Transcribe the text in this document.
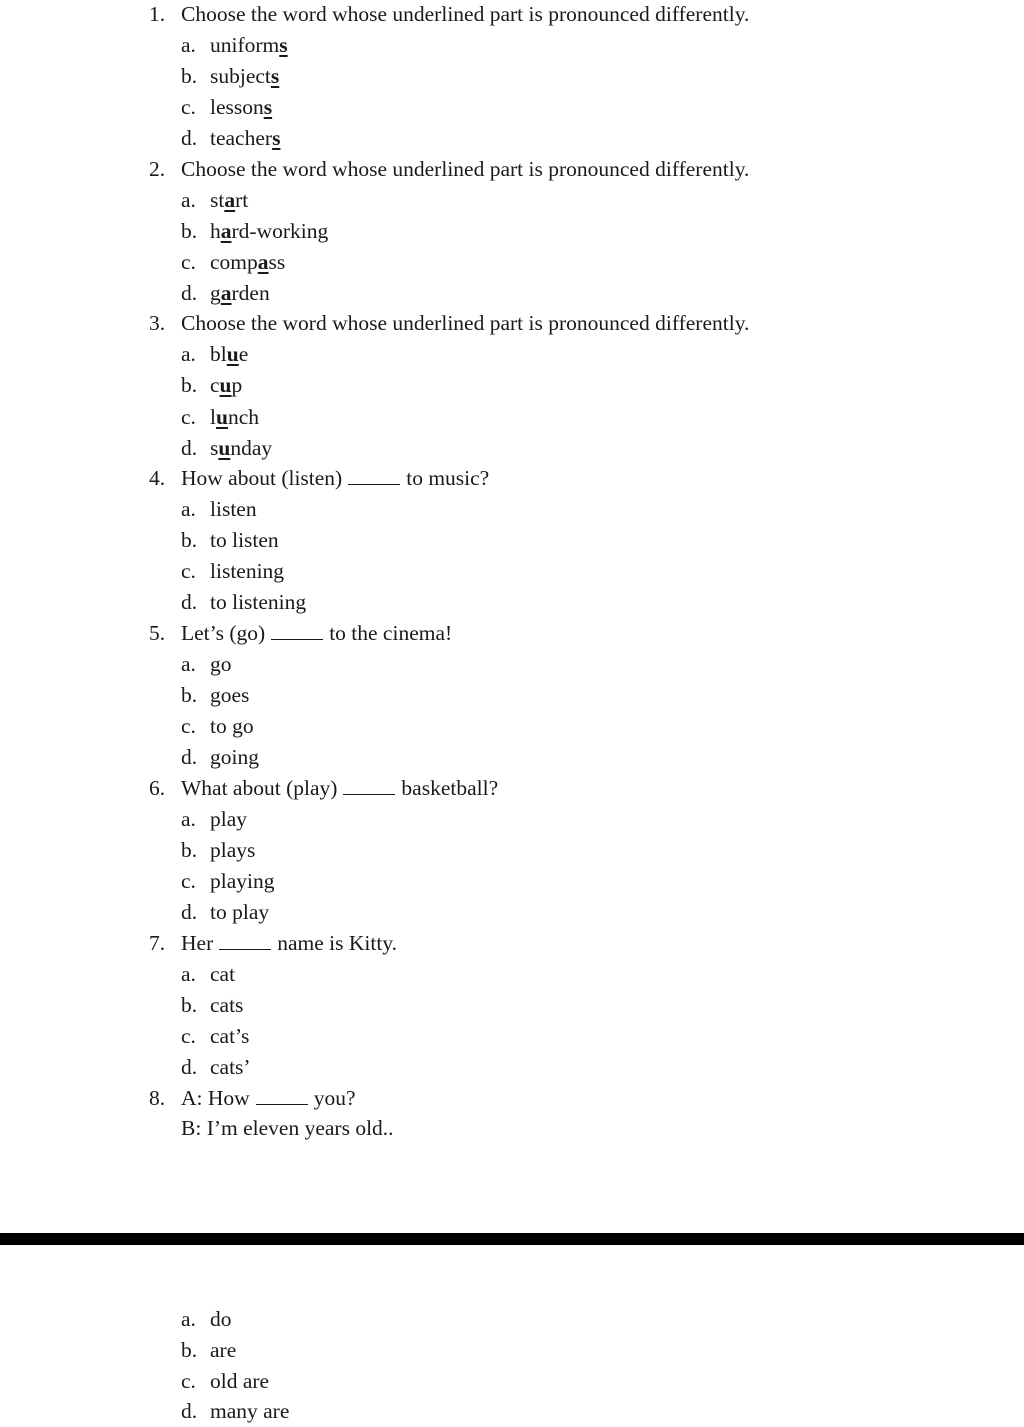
1. Choose the word whose underlined part is pronounced differently.
a. uniforms
b. subjects
c. lessons
d. teachers
2. Choose the word whose underlined part is pronounced differently.
a. start
b. hard-working
c. compass
d. garden
3. Choose the word whose underlined part is pronounced differently.
a. blue
b. cup
c. lunch
d. sunday
4. How about (listen)	to music?
a. listen
b. to listen
c. listening
d. to listening
5. Let’s (go)	to the cinema!
a. go
b. goes
c. to go
d. going
6. What about (play)	basketball?
a. play
b. plays
c. playing
d. to play
7. Her	name is Kitty.
a. cat
b. cats
c. cat’s
d. cats’
8. A: How	you?
B: I’m eleven years old..
a. do
b. are
c. old are
d. many are
